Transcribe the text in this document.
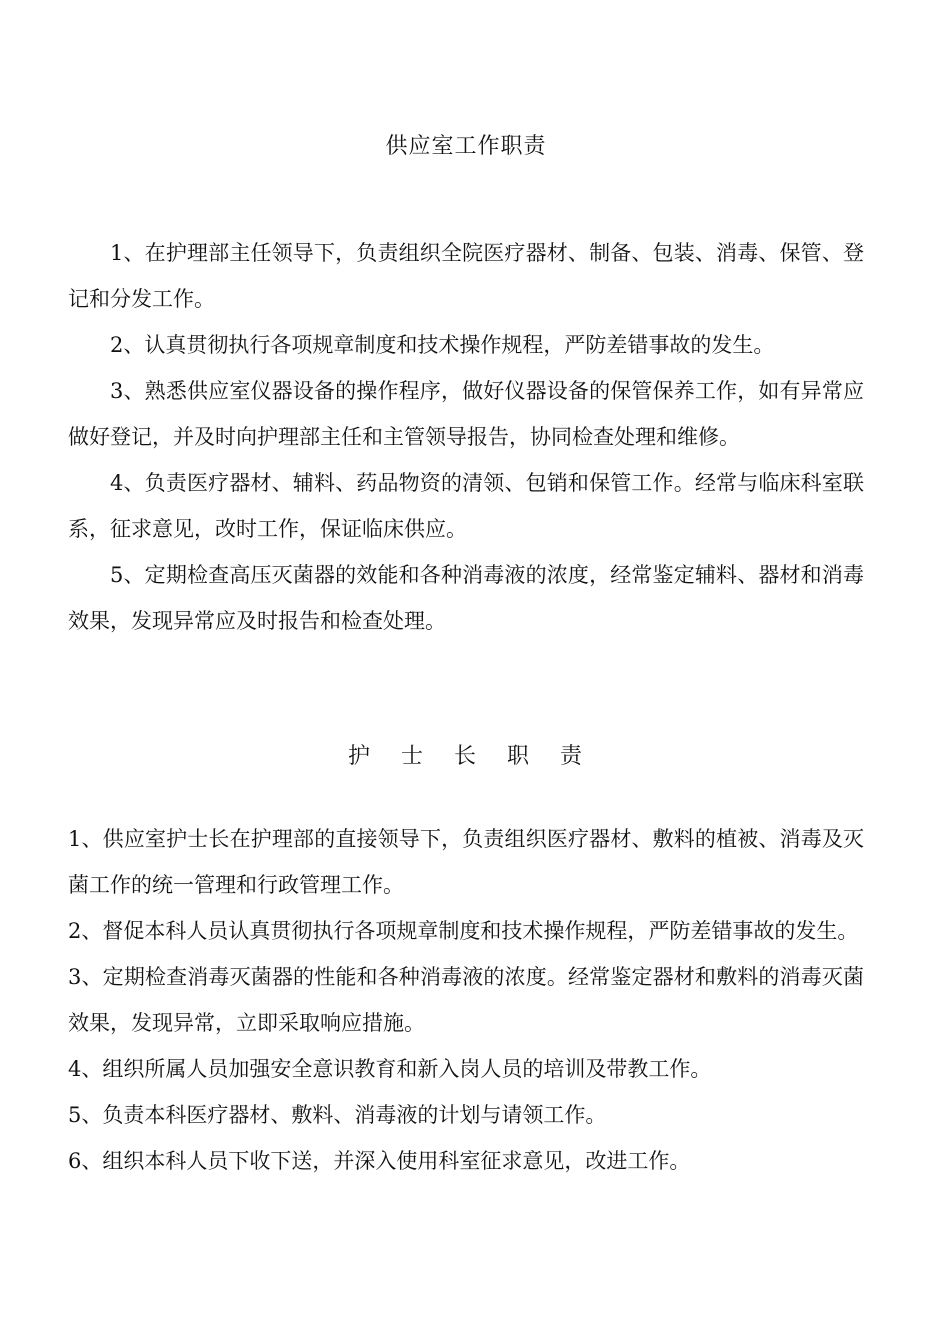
供应室工作职责

1、在护理部主任领导下，负责组织全院医疗器材、制备、包装、消毒、保管、登记和分发工作。

2、认真贯彻执行各项规章制度和技术操作规程，严防差错事故的发生。

3、熟悉供应室仪器设备的操作程序，做好仪器设备的保管保养工作，如有异常应做好登记，并及时向护理部主任和主管领导报告，协同检查处理和维修。

4、负责医疗器材、辅料、药品物资的清领、包销和保管工作。经常与临床科室联系，征求意见，改时工作，保证临床供应。

5、定期检查高压灭菌器的效能和各种消毒液的浓度，经常鉴定辅料、器材和消毒效果，发现异常应及时报告和检查处理。

护 士 长 职 责

1、供应室护士长在护理部的直接领导下，负责组织医疗器材、敷料的植被、消毒及灭菌工作的统一管理和行政管理工作。

2、督促本科人员认真贯彻执行各项规章制度和技术操作规程，严防差错事故的发生。

3、定期检查消毒灭菌器的性能和各种消毒液的浓度。经常鉴定器材和敷料的消毒灭菌效果，发现异常，立即采取响应措施。

4、组织所属人员加强安全意识教育和新入岗人员的培训及带教工作。

5、负责本科医疗器材、敷料、消毒液的计划与请领工作。

6、组织本科人员下收下送，并深入使用科室征求意见，改进工作。
